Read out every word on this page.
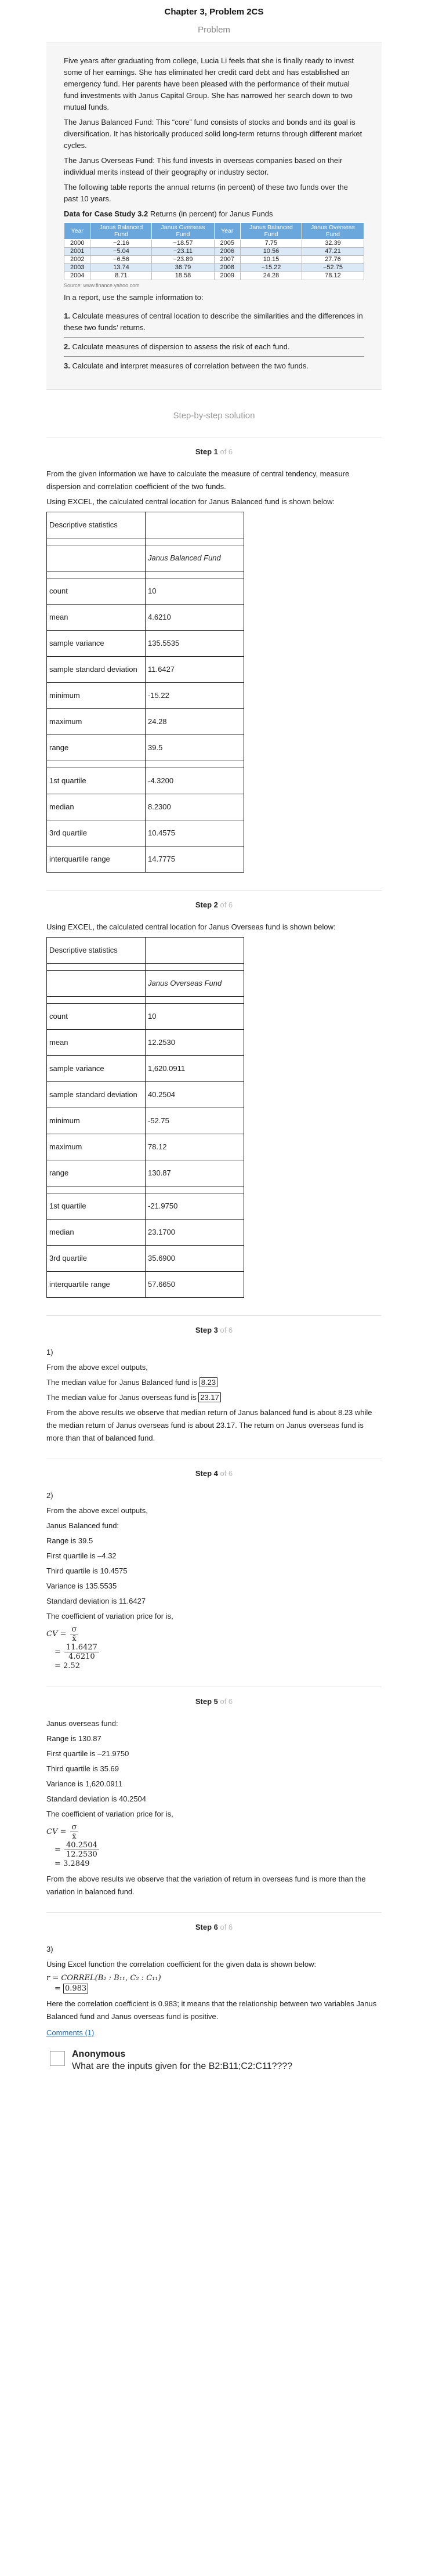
Chapter 3, Problem 2CS
Problem

Five years after graduating from college, Lucia Li feels that she is finally ready to invest some of her earnings. She has eliminated her credit card debt and has established an emergency fund. Her parents have been pleased with the performance of their mutual fund investments with Janus Capital Group. She has narrowed her search down to two mutual funds.

The Janus Balanced Fund: This “core” fund consists of stocks and bonds and its goal is diversification. It has historically produced solid long-term returns through different market cycles.

The Janus Overseas Fund: This fund invests in overseas companies based on their individual merits instead of their geography or industry sector.

The following table reports the annual returns (in percent) of these two funds over the past 10 years.

Data for Case Study 3.2 Returns (in percent) for Janus Funds
Year	Janus Balanced Fund	Janus Overseas Fund	Year	Janus Balanced Fund	Janus Overseas Fund
2000	−2.16	−18.57	2005	7.75	32.39
2001	−5.04	−23.11	2006	10.56	47.21
2002	−6.56	−23.89	2007	10.15	27.76
2003	13.74	36.79	2008	−15.22	−52.75
2004	8.71	18.58	2009	24.28	78.12
Source: www.finance.yahoo.com

In a report, use the sample information to:

1. Calculate measures of central location to describe the similarities and the differences in these two funds’ returns.
2. Calculate measures of dispersion to assess the risk of each fund.
3. Calculate and interpret measures of correlation between the two funds.
Step-by-step solution
Step 1 of 6

From the given information we have to calculate the measure of central tendency, measure dispersion and correlation coefficient of the two funds.

Using EXCEL, the calculated central location for Janus Balanced fund is shown below:

Descriptive statistics	

	Janus Balanced Fund

count	10
mean	4.6210
sample variance	135.5535
sample standard deviation	11.6427
minimum	-15.22
maximum	24.28
range	39.5

1st quartile	-4.3200
median	8.2300
3rd quartile	10.4575
interquartile range	14.7775
Step 2 of 6

Using EXCEL, the calculated central location for Janus Overseas fund is shown below:

Descriptive statistics	

	Janus Overseas Fund

count	10
mean	12.2530
sample variance	1,620.0911
sample standard deviation	40.2504
minimum	-52.75
maximum	78.12
range	130.87

1st quartile	-21.9750
median	23.1700
3rd quartile	35.6900
interquartile range	57.6650
Step 3 of 6

1)

From the above excel outputs,

The median value for Janus Balanced fund is 8.23

The median value for Janus overseas fund is 23.17

From the above results we observe that median return of Janus balanced fund is about 8.23 while the median return of Janus overseas fund is about 23.17. The return on Janus overseas fund is more than that of balanced fund.

Step 4 of 6

2)

From the above excel outputs,

Janus Balanced fund:

Range is 39.5

First quartile is –4.32

Third quartile is 10.4575

Variance is 135.5535

Standard deviation is 11.6427

The coefficient of variation price for is,

CV = $\frac{\sigma}{x̄}$
= $\frac{11.6427}{4.6210}$
= 2.52
Step 5 of 6

Janus overseas fund:

Range is 130.87

First quartile is –21.9750

Third quartile is 35.69

Variance is 1,620.0911

Standard deviation is 40.2504

The coefficient of variation price for is,

CV = $\frac{\sigma}{x̄}$
= $\frac{40.2504}{12.2530}$
= 3.2849

From the above results we observe that the variation of return in overseas fund is more than the variation in balanced fund.

Step 6 of 6

3)

Using Excel function the correlation coefficient for the given data is shown below:

r = CORREL(B₂ : B₁₁, C₂ : C₁₁)
= 0.983

Here the correlation coefficient is 0.983; it means that the relationship between two variables Janus Balanced fund and Janus overseas fund is positive.

Comments (1)
Anonymous
What are the inputs given for the B2:B11;C2:C11????
